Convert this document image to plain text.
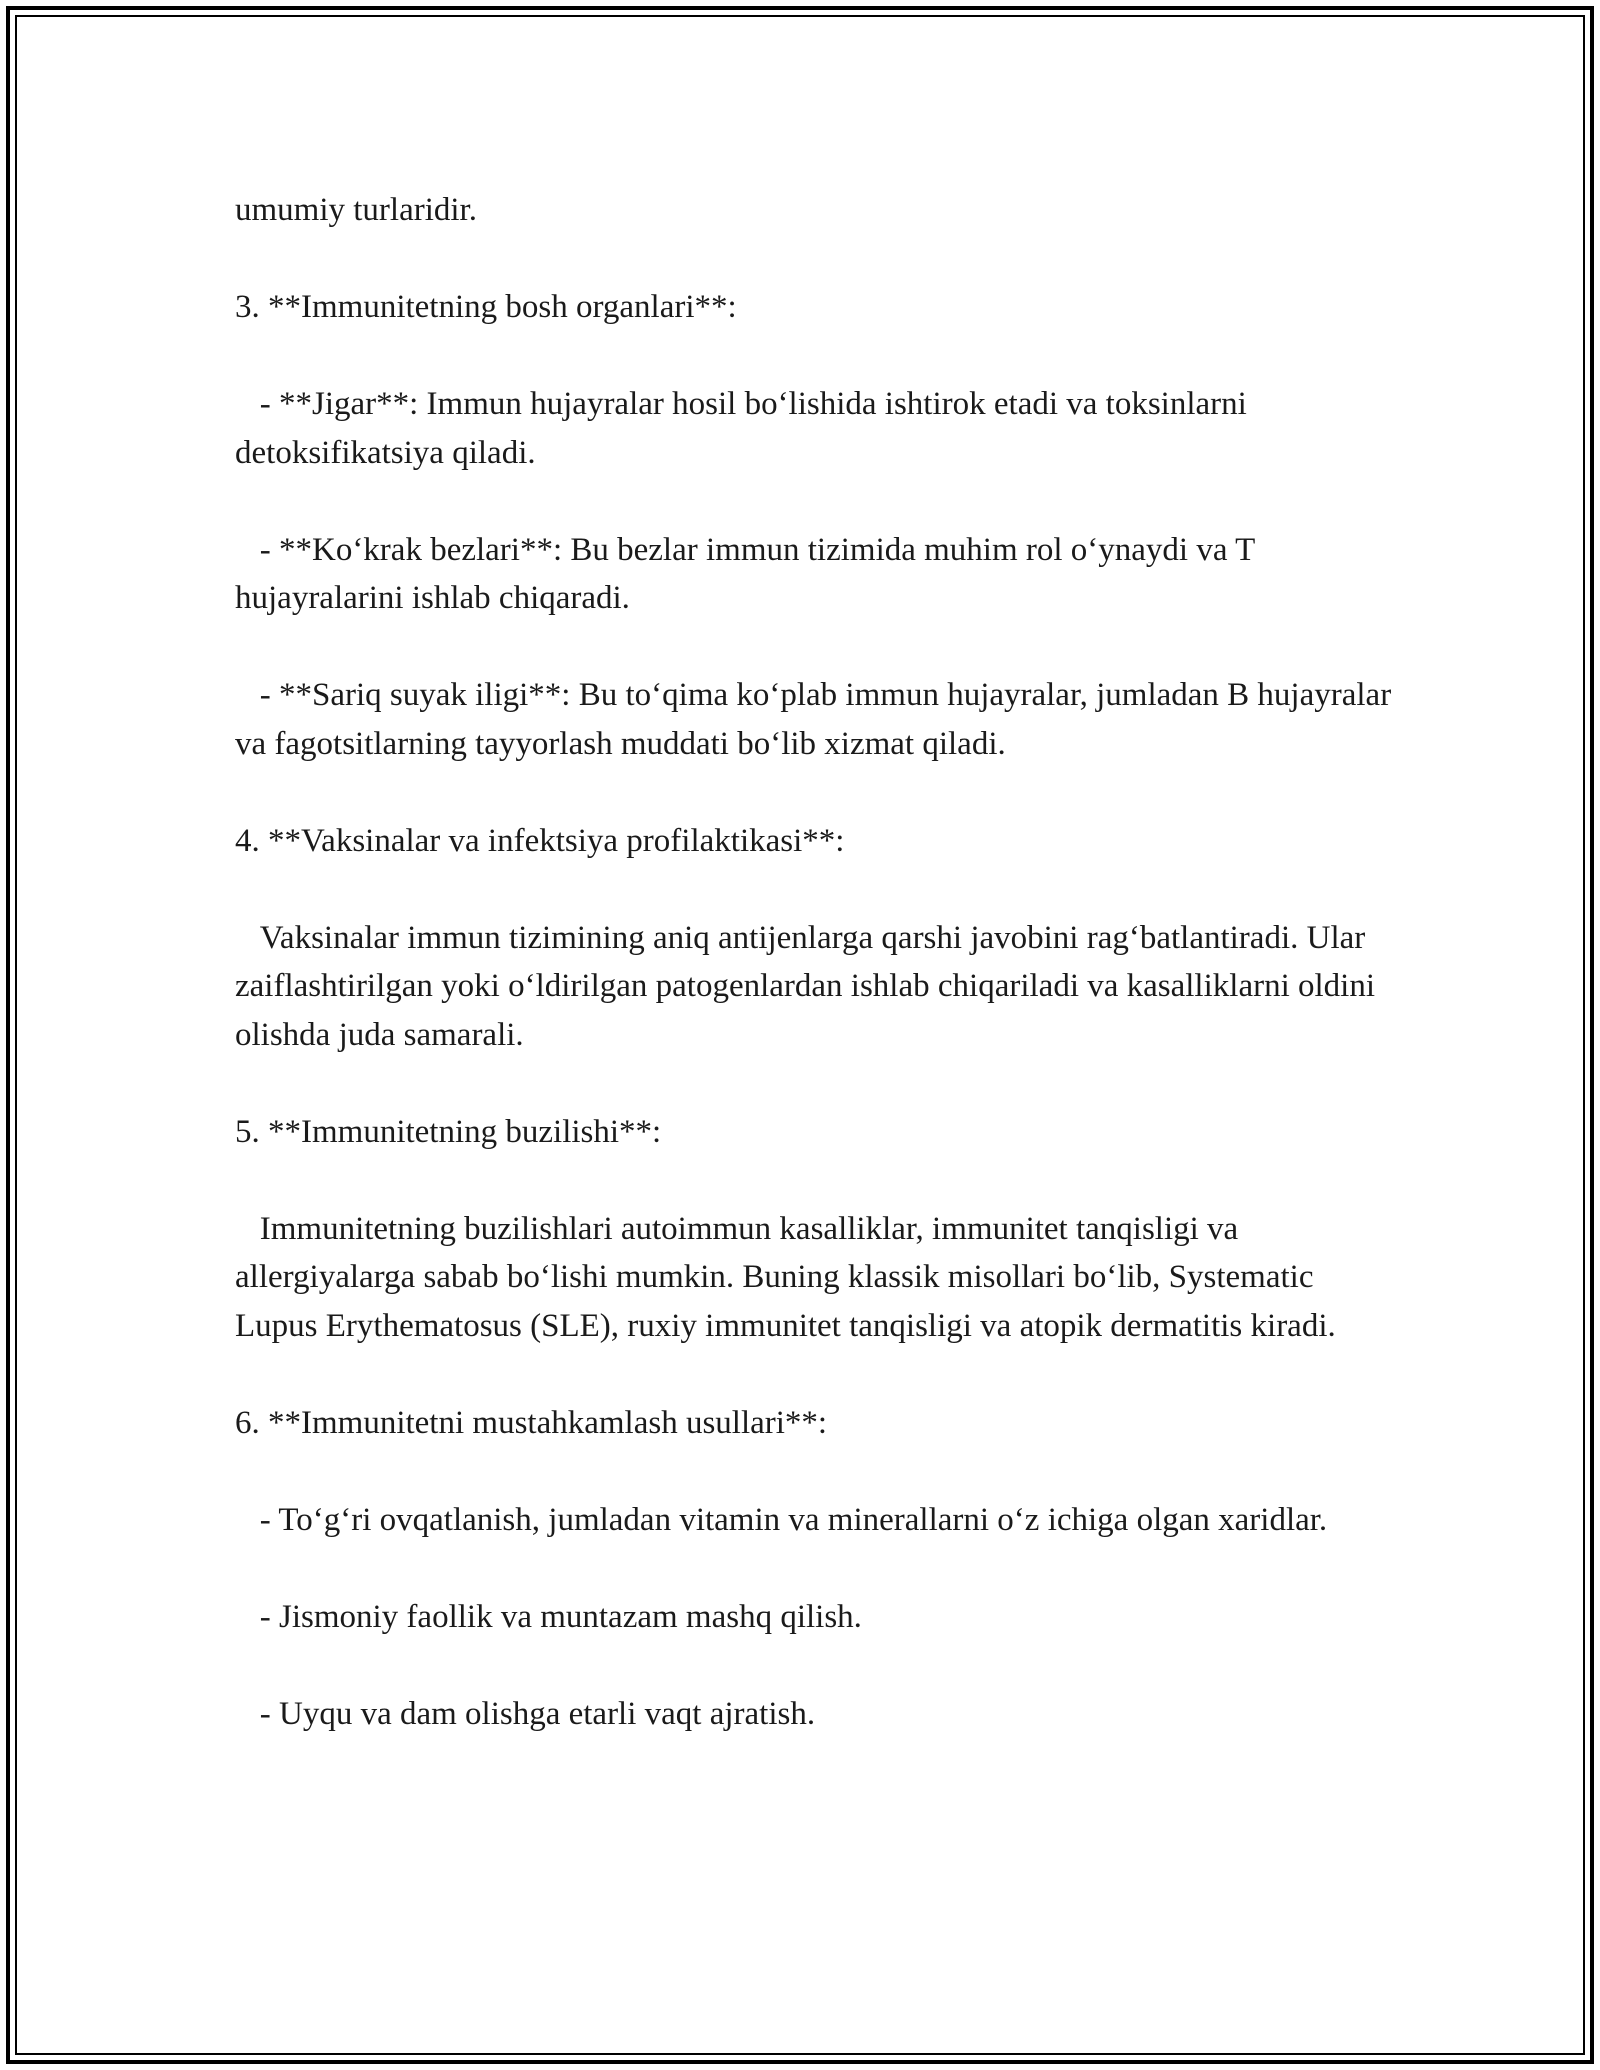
umumiy turlaridir.

3. **Immunitetning bosh organlari**:

- **Jigar**: Immun hujayralar hosil bo‘lishida ishtirok etadi va toksinlarni detoksifikatsiya qiladi.

- **Ko‘krak bezlari**: Bu bezlar immun tizimida muhim rol o‘ynaydi va T hujayralarini ishlab chiqaradi.

- **Sariq suyak iligi**: Bu to‘qima ko‘plab immun hujayralar, jumladan B hujayralar va fagotsitlarning tayyorlash muddati bo‘lib xizmat qiladi.

4. **Vaksinalar va infektsiya profilaktikasi**:

Vaksinalar immun tizimining aniq antijenlarga qarshi javobini rag‘batlantiradi. Ular zaiflashtirilgan yoki o‘ldirilgan patogenlardan ishlab chiqariladi va kasalliklarni oldini olishda juda samarali.

5. **Immunitetning buzilishi**:

Immunitetning buzilishlari autoimmun kasalliklar, immunitet tanqisligi va allergiyalarga sabab bo‘lishi mumkin. Buning klassik misollari bo‘lib, Systematic Lupus Erythematosus (SLE), ruxiy immunitet tanqisligi va atopik dermatitis kiradi.

6. **Immunitetni mustahkamlash usullari**:

- To‘g‘ri ovqatlanish, jumladan vitamin va minerallarni o‘z ichiga olgan xaridlar.

- Jismoniy faollik va muntazam mashq qilish.

- Uyqu va dam olishga etarli vaqt ajratish.
